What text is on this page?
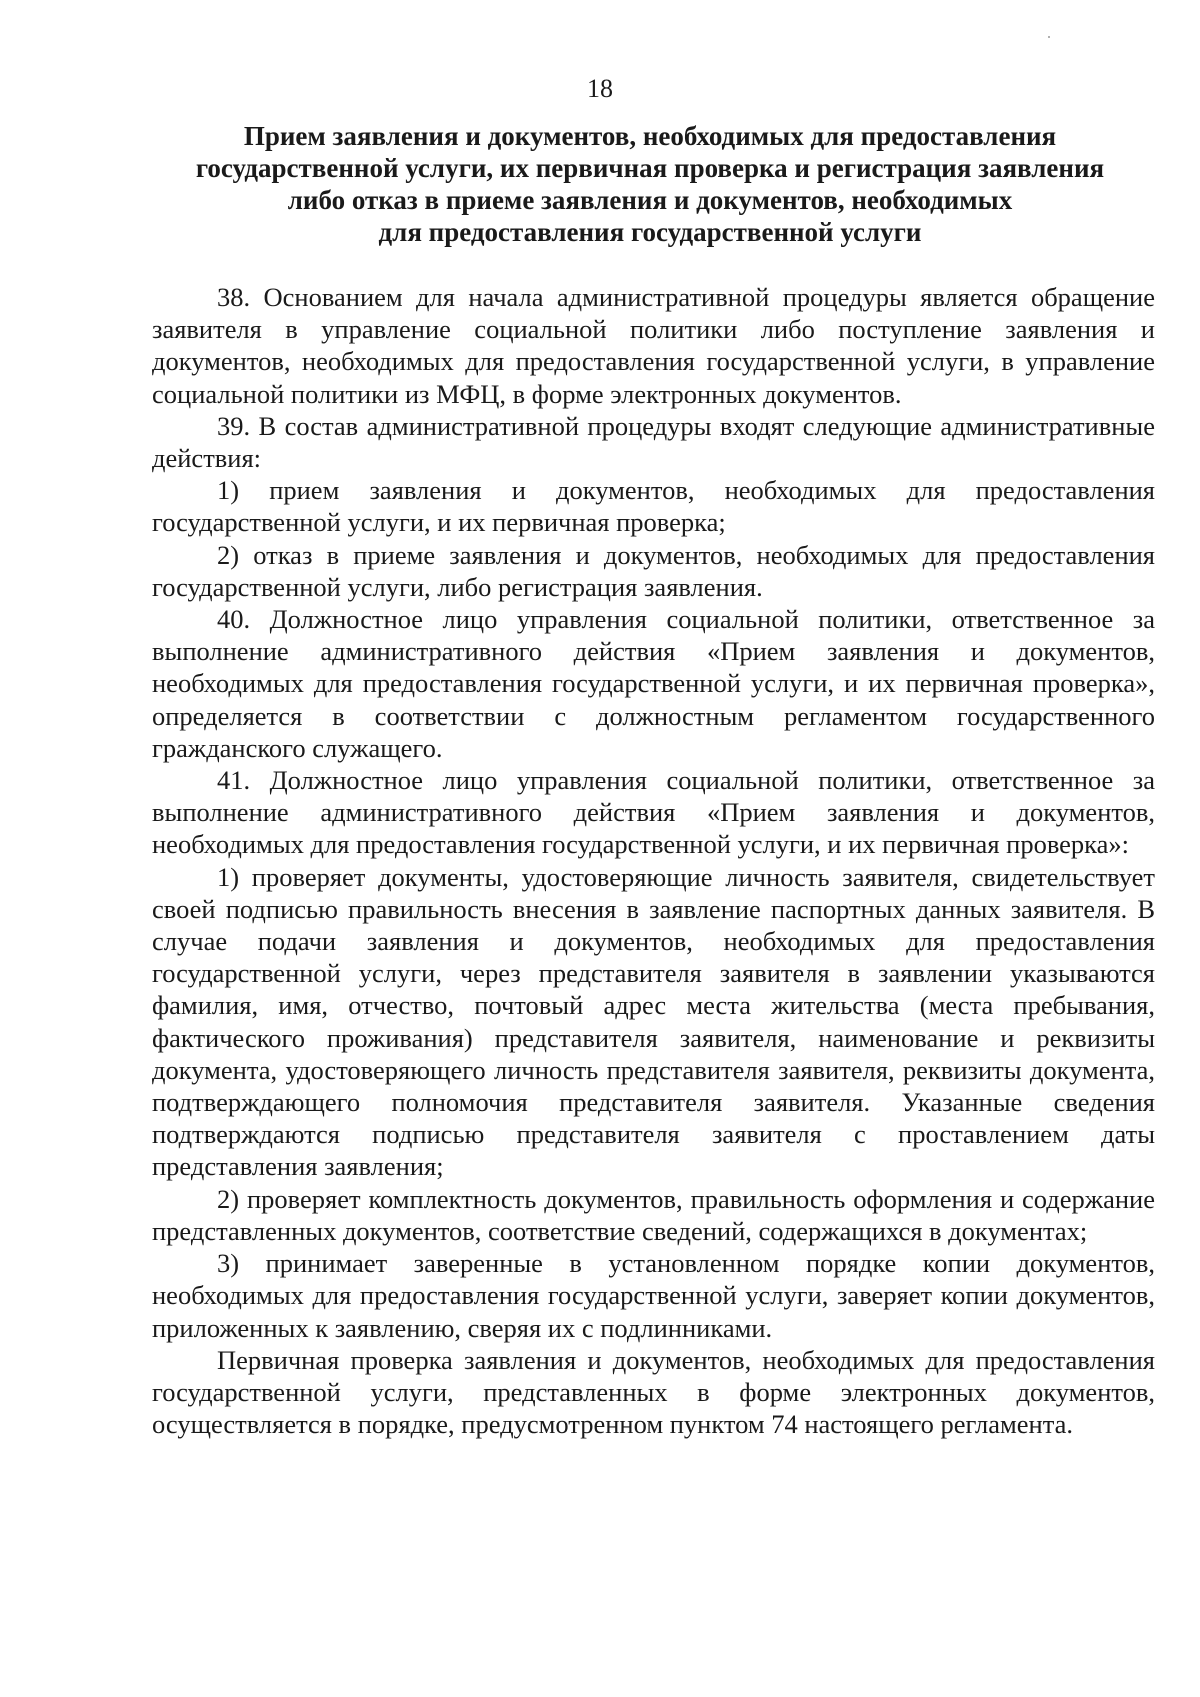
18
Прием заявления и документов, необходимых для предоставления
государственной услуги, их первичная проверка и регистрация заявления
либо отказ в приеме заявления и документов, необходимых
для предоставления государственной услуги

38. Основанием для начала административной процедуры является обращение заявителя в управление социальной политики либо поступление заявления и документов, необходимых для предоставления государственной услуги, в управление социальной политики из МФЦ, в форме электронных документов.

39. В состав административной процедуры входят следующие административные действия:

1) прием заявления и документов, необходимых для предоставления государственной услуги, и их первичная проверка;

2) отказ в приеме заявления и документов, необходимых для предоставления государственной услуги, либо регистрация заявления.

40. Должностное лицо управления социальной политики, ответственное за выполнение административного действия «Прием заявления и документов, необходимых для предоставления государственной услуги, и их первичная проверка», определяется в соответствии с должностным регламентом государственного гражданского служащего.

41. Должностное лицо управления социальной политики, ответственное за выполнение административного действия «Прием заявления и документов, необходимых для предоставления государственной услуги, и их первичная проверка»:

1) проверяет документы, удостоверяющие личность заявителя, свидетельствует своей подписью правильность внесения в заявление паспортных данных заявителя. В случае подачи заявления и документов, необходимых для предоставления государственной услуги, через представителя заявителя в заявлении указываются фамилия, имя, отчество, почтовый адрес места жительства (места пребывания, фактического проживания) представителя заявителя, наименование и реквизиты документа, удостоверяющего личность представителя заявителя, реквизиты документа, подтверждающего полномочия представителя заявителя. Указанные сведения подтверждаются подписью представителя заявителя с проставлением даты представления заявления;

2) проверяет комплектность документов, правильность оформления и содержание представленных документов, соответствие сведений, содержащихся в документах;

3) принимает заверенные в установленном порядке копии документов, необходимых для предоставления государственной услуги, заверяет копии документов, приложенных к заявлению, сверяя их с подлинниками.

Первичная проверка заявления и документов, необходимых для предоставления государственной услуги, представленных в форме электронных документов, осуществляется в порядке, предусмотренном пунктом 74 настоящего регламента.
